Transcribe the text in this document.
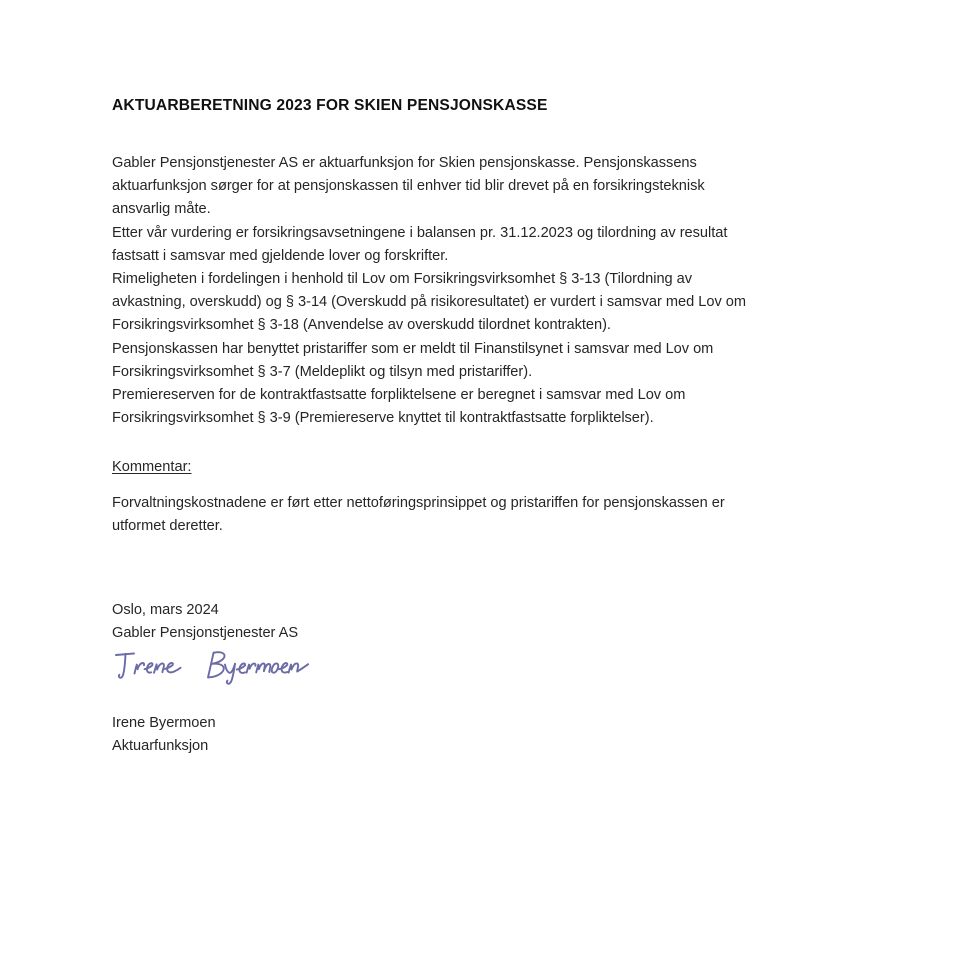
AKTUARBERETNING 2023 FOR SKIEN PENSJONSKASSE
Gabler Pensjonstjenester AS er aktuarfunksjon for Skien pensjonskasse. Pensjonskassens
aktuarfunksjon sørger for at pensjonskassen til enhver tid blir drevet på en forsikringsteknisk
ansvarlig måte.
Etter vår vurdering er forsikringsavsetningene i balansen pr. 31.12.2023 og tilordning av resultat
fastsatt i samsvar med gjeldende lover og forskrifter.
Rimeligheten i fordelingen i henhold til Lov om Forsikringsvirksomhet § 3-13 (Tilordning av
avkastning, overskudd) og § 3-14 (Overskudd på risikoresultatet) er vurdert i samsvar med Lov om
Forsikringsvirksomhet § 3-18 (Anvendelse av overskudd tilordnet kontrakten).
Pensjonskassen har benyttet pristariffer som er meldt til Finanstilsynet i samsvar med Lov om
Forsikringsvirksomhet § 3-7 (Meldeplikt og tilsyn med pristariffer).
Premiereserven for de kontraktfastsatte forpliktelsene er beregnet i samsvar med Lov om
Forsikringsvirksomhet § 3-9 (Premiereserve knyttet til kontraktfastsatte forpliktelser).
Kommentar:
Forvaltningskostnadene er ført etter nettoføringsprinsippet og pristariffen for pensjonskassen er
utformet deretter.
Oslo, mars 2024
Gabler Pensjonstjenester AS
Irene Byermoen
Aktuarfunksjon
